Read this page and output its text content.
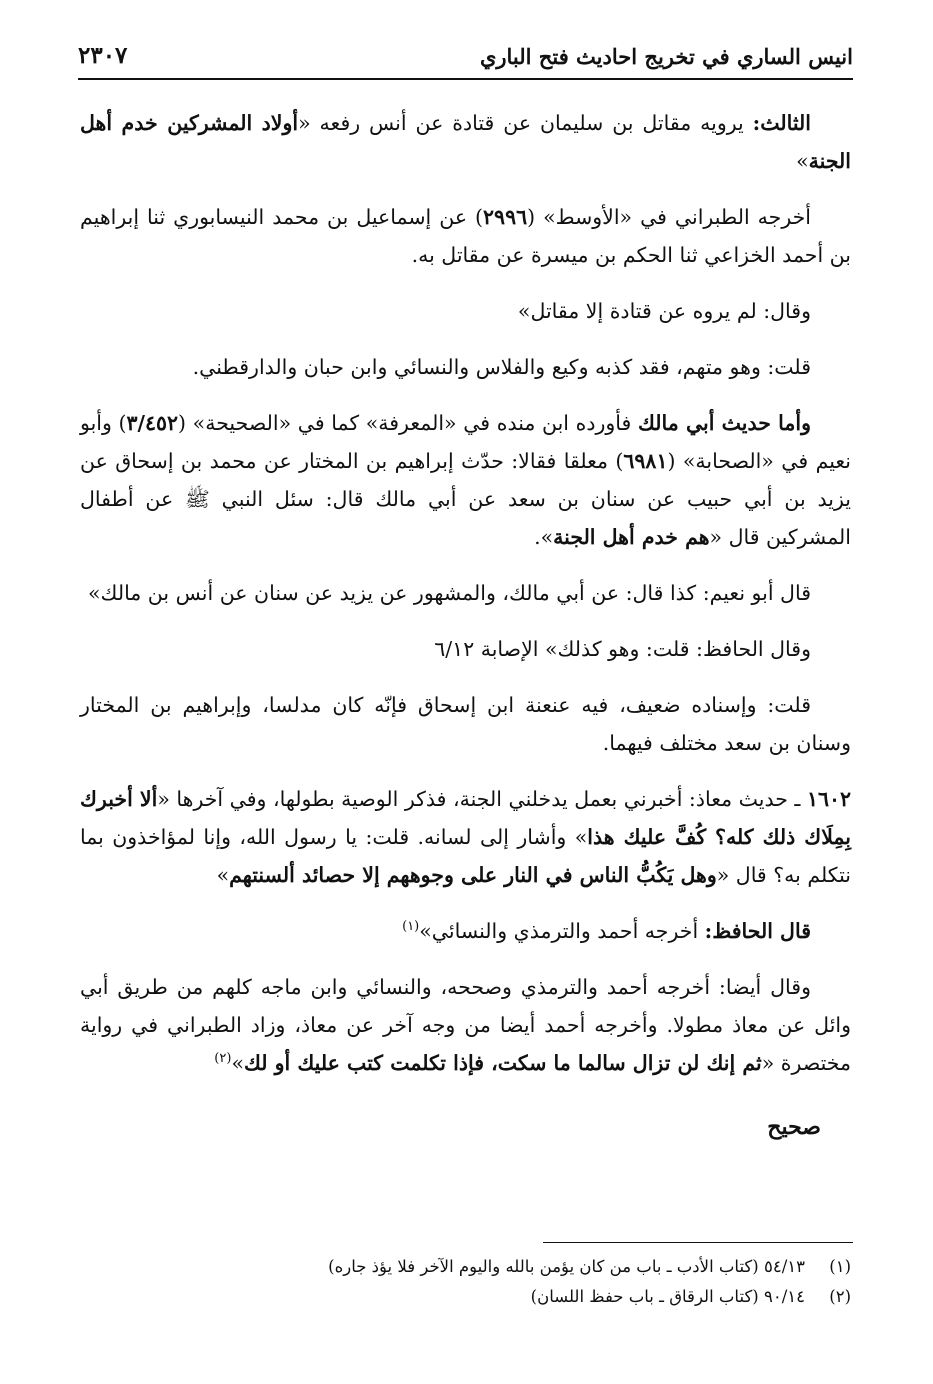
انيس الساري في تخريج احاديث فتح الباري
٢٣٠٧

الثالث: يرويه مقاتل بن سليمان عن قتادة عن أنس رفعه «أولاد المشركين خدم أهل الجنة»

أخرجه الطبراني في «الأوسط» (٢٩٩٦) عن إسماعيل بن محمد النيسابوري ثنا إبراهيم بن أحمد الخزاعي ثنا الحكم بن ميسرة عن مقاتل به.

وقال: لم يروه عن قتادة إلا مقاتل»

قلت: وهو متهم، فقد كذبه وكيع والفلاس والنسائي وابن حبان والدارقطني.

وأما حديث أبي مالك فأورده ابن منده في «المعرفة» كما في «الصحيحة» (٣/٤٥٢) وأبو نعيم في «الصحابة» (٦٩٨١) معلقا فقالا: حدّث إبراهيم بن المختار عن محمد بن إسحاق عن يزيد بن أبي حبيب عن سنان بن سعد عن أبي مالك قال: سئل النبي ﷺ عن أطفال المشركين قال «هم خدم أهل الجنة».

قال أبو نعيم: كذا قال: عن أبي مالك، والمشهور عن يزيد عن سنان عن أنس بن مالك»

وقال الحافظ: قلت: وهو كذلك» الإصابة ٦/١٢

قلت: وإسناده ضعيف، فيه عنعنة ابن إسحاق فإنّه كان مدلسا، وإبراهيم بن المختار وسنان بن سعد مختلف فيهما.

١٦٠٢ ـ حديث معاذ: أخبرني بعمل يدخلني الجنة، فذكر الوصية بطولها، وفي آخرها «ألا أخبرك بِمِلَاك ذلك كله؟ كُفَّ عليك هذا» وأشار إلى لسانه. قلت: يا رسول الله، وإنا لمؤاخذون بما نتكلم به؟ قال «وهل يَكُبُّ الناس في النار على وجوههم إلا حصائد ألسنتهم»

قال الحافظ: أخرجه أحمد والترمذي والنسائي»$^{(١)}$

وقال أيضا: أخرجه أحمد والترمذي وصححه، والنسائي وابن ماجه كلهم من طريق أبي وائل عن معاذ مطولا. وأخرجه أحمد أيضا من وجه آخر عن معاذ، وزاد الطبراني في رواية مختصرة «ثم إنك لن تزال سالما ما سكت، فإذا تكلمت كتب عليك أو لك»$^{(٢)}$

صحيح

(١)٥٤/١٣ (كتاب الأدب ـ باب من كان يؤمن بالله واليوم الآخر فلا يؤذ جاره)

(٢)٩٠/١٤ (كتاب الرقاق ـ باب حفظ اللسان)
